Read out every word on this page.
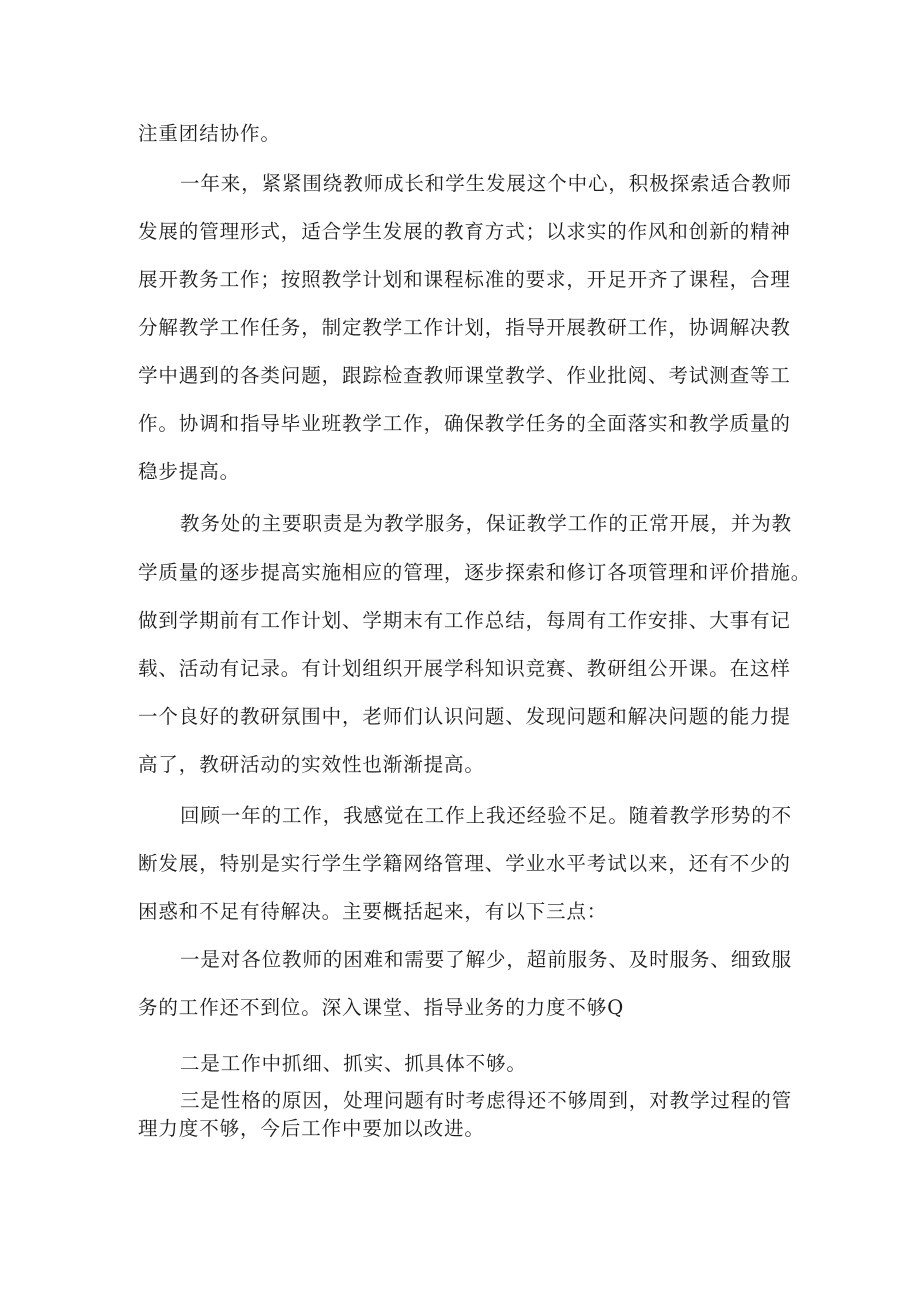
注重团结协作。
一年来，紧紧围绕教师成长和学生发展这个中心，积极探索适合教师
发展的管理形式，适合学生发展的教育方式；以求实的作风和创新的精神
展开教务工作；按照教学计划和课程标准的要求，开足开齐了课程，合理
分解教学工作任务，制定教学工作计划，指导开展教研工作，协调解决教
学中遇到的各类问题，跟踪检查教师课堂教学、作业批阅、考试测查等工
作。协调和指导毕业班教学工作，确保教学任务的全面落实和教学质量的
稳步提高。
教务处的主要职责是为教学服务，保证教学工作的正常开展，并为教
学质量的逐步提高实施相应的管理，逐步探索和修订各项管理和评价措施。
做到学期前有工作计划、学期末有工作总结，每周有工作安排、大事有记
载、活动有记录。有计划组织开展学科知识竞赛、教研组公开课。在这样
一个良好的教研氛围中，老师们认识问题、发现问题和解决问题的能力提
高了，教研活动的实效性也渐渐提高。
回顾一年的工作，我感觉在工作上我还经验不足。随着教学形势的不
断发展，特别是实行学生学籍网络管理、学业水平考试以来，还有不少的
困惑和不足有待解决。主要概括起来，有以下三点：
一是对各位教师的困难和需要了解少，超前服务、及时服务、细致服
务的工作还不到位。深入课堂、指导业务的力度不够Q
二是工作中抓细、抓实、抓具体不够。
三是性格的原因，处理问题有时考虑得还不够周到，对教学过程的管
理力度不够，今后工作中要加以改进。
